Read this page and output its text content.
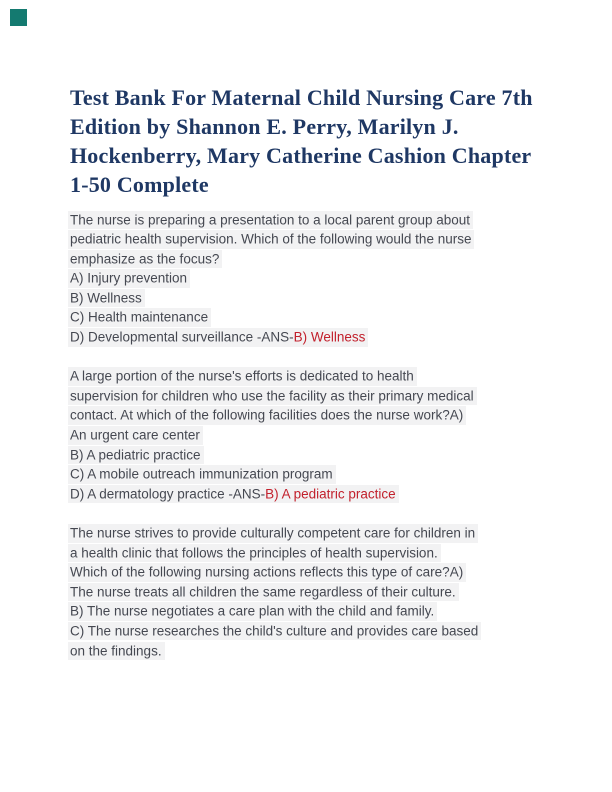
Test Bank For Maternal Child Nursing Care 7th
Edition by Shannon E. Perry, Marilyn J.
Hockenberry, Mary Catherine Cashion Chapter
1-50 Complete
The nurse is preparing a presentation to a local parent group about
pediatric health supervision. Which of the following would the nurse
emphasize as the focus?
A) Injury prevention
B) Wellness
C) Health maintenance
D) Developmental surveillance -ANS-B) Wellness
A large portion of the nurse's efforts is dedicated to health
supervision for children who use the facility as their primary medical
contact. At which of the following facilities does the nurse work?A)
An urgent care center
B) A pediatric practice
C) A mobile outreach immunization program
D) A dermatology practice -ANS-B) A pediatric practice
The nurse strives to provide culturally competent care for children in
a health clinic that follows the principles of health supervision.
Which of the following nursing actions reflects this type of care?A)
The nurse treats all children the same regardless of their culture.
B) The nurse negotiates a care plan with the child and family.
C) The nurse researches the child's culture and provides care based
on the findings.
